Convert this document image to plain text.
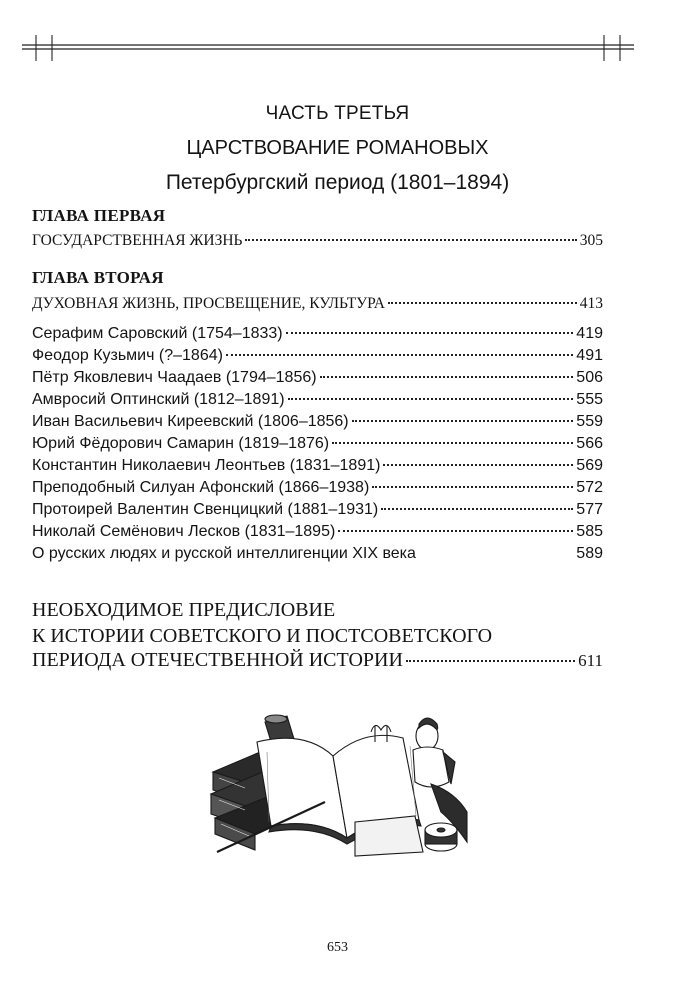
ЧАСТЬ ТРЕТЬЯ
ЦАРСТВОВАНИЕ РОМАНОВЫХ
Петербургский период (1801–1894)
ГЛАВА ПЕРВАЯ
ГОСУДАРСТВЕННАЯ ЖИЗНЬ	305
ГЛАВА ВТОРАЯ
ДУХОВНАЯ ЖИЗНЬ, ПРОСВЕЩЕНИЕ, КУЛЬТУРА	413
Серафим Саровский (1754–1833)	419
Феодор Кузьмич (?–1864)	491
Пётр Яковлевич Чаадаев (1794–1856)	506
Амвросий Оптинский (1812–1891)	555
Иван Васильевич Киреевский (1806–1856)	559
Юрий Фёдорович Самарин (1819–1876)	566
Константин Николаевич Леонтьев (1831–1891)	569
Преподобный Силуан Афонский (1866–1938)	572
Протоирей Валентин Свенцицкий (1881–1931)	577
Николай Семёнович Лесков (1831–1895)	585
О русских людях и русской интеллигенции XIX века	589
НЕОБХОДИМОЕ ПРЕДИСЛОВИЕ
К ИСТОРИИ СОВЕТСКОГО И ПОСТСОВЕТСКОГО
ПЕРИОДА ОТЕЧЕСТВЕННОЙ ИСТОРИИ	611
653
